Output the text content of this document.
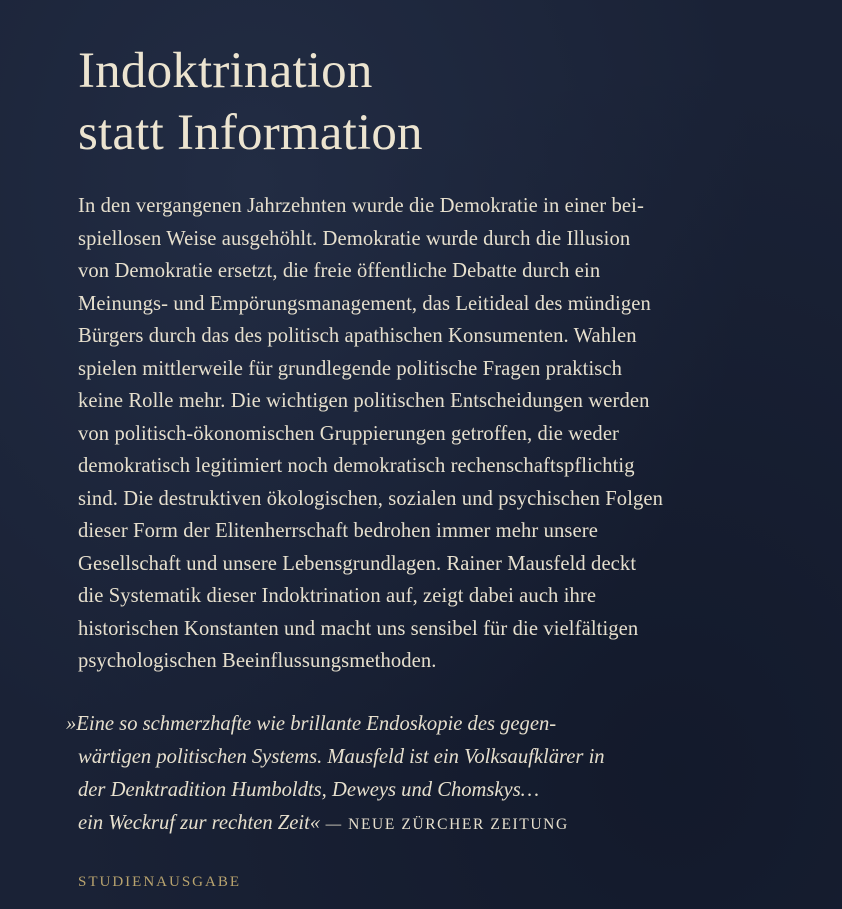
Indoktrination
statt Information

In den vergangenen Jahrzehnten wurde die Demokratie in einer bei-
spiellosen Weise ausgehöhlt. Demokratie wurde durch die Illusion
von Demokratie ersetzt, die freie öffentliche Debatte durch ein
Meinungs- und Empörungsmanagement, das Leitideal des mündigen
Bürgers durch das des politisch apathischen Konsumenten. Wahlen
spielen mittlerweile für grundlegende politische Fragen praktisch
keine Rolle mehr. Die wichtigen politischen Entscheidungen werden
von politisch-ökonomischen Gruppierungen getroffen, die weder
demokratisch legitimiert noch demokratisch rechenschaftspflichtig
sind. Die destruktiven ökologischen, sozialen und psychischen Folgen
dieser Form der Elitenherrschaft bedrohen immer mehr unsere
Gesellschaft und unsere Lebensgrundlagen. Rainer Mausfeld deckt
die Systematik dieser Indoktrination auf, zeigt dabei auch ihre
historischen Konstanten und macht uns sensibel für die vielfältigen
psychologischen Beeinflussungsmethoden.

»Eine so schmerzhafte wie brillante Endoskopie des gegen-
wärtigen politischen Systems. Mausfeld ist ein Volksaufklärer in
der Denktradition Humboldts, Deweys und Chomskys…
ein Weckruf zur rechten Zeit« — NEUE ZÜRCHER ZEITUNG
STUDIENAUSGABE
